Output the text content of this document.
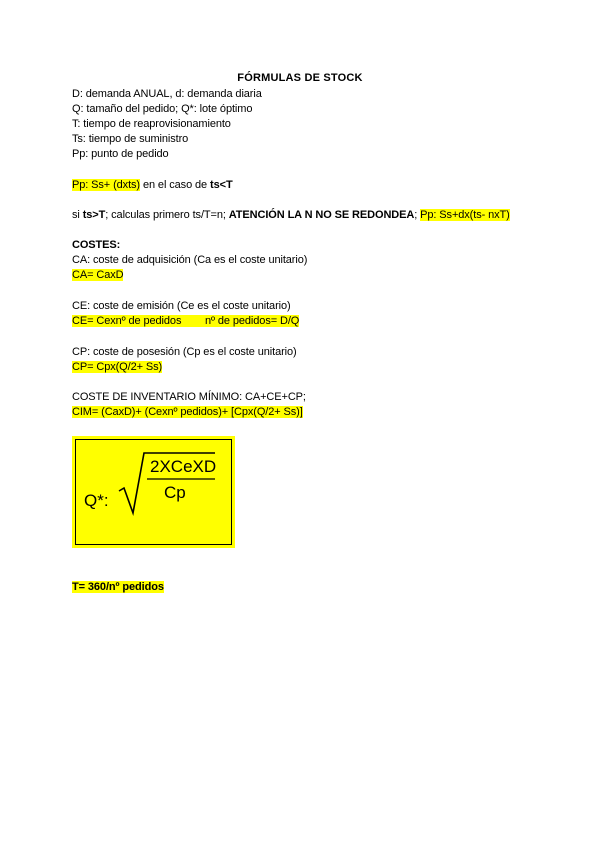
FÓRMULAS DE STOCK
D: demanda ANUAL, d: demanda diaria
Q: tamaño del pedido; Q*: lote óptimo
T: tiempo de reaprovisionamiento
Ts: tiempo de suministro
Pp: punto de pedido
Pp: Ss+ (dxts) en el caso de ts<T
si ts>T; calculas primero ts/T=n; ATENCIÓN LA N NO SE REDONDEA; Pp: Ss+dx(ts- nxT)
COSTES:
CA: coste de adquisición (Ca es el coste unitario)
CA= CaxD
CE: coste de emisión (Ce es el coste unitario)
CE= Cexnº de pedidos nº de pedidos= D/Q
CP: coste de posesión (Cp es el coste unitario)
CP= Cpx(Q/2+ Ss)
COSTE DE INVENTARIO MÍNIMO: CA+CE+CP;
CIM= (CaxD)+ (Cexnº pedidos)+ [Cpx(Q/2+ Ss)]
Q*:
2XCeXD
Cp
T= 360/nº pedidos
